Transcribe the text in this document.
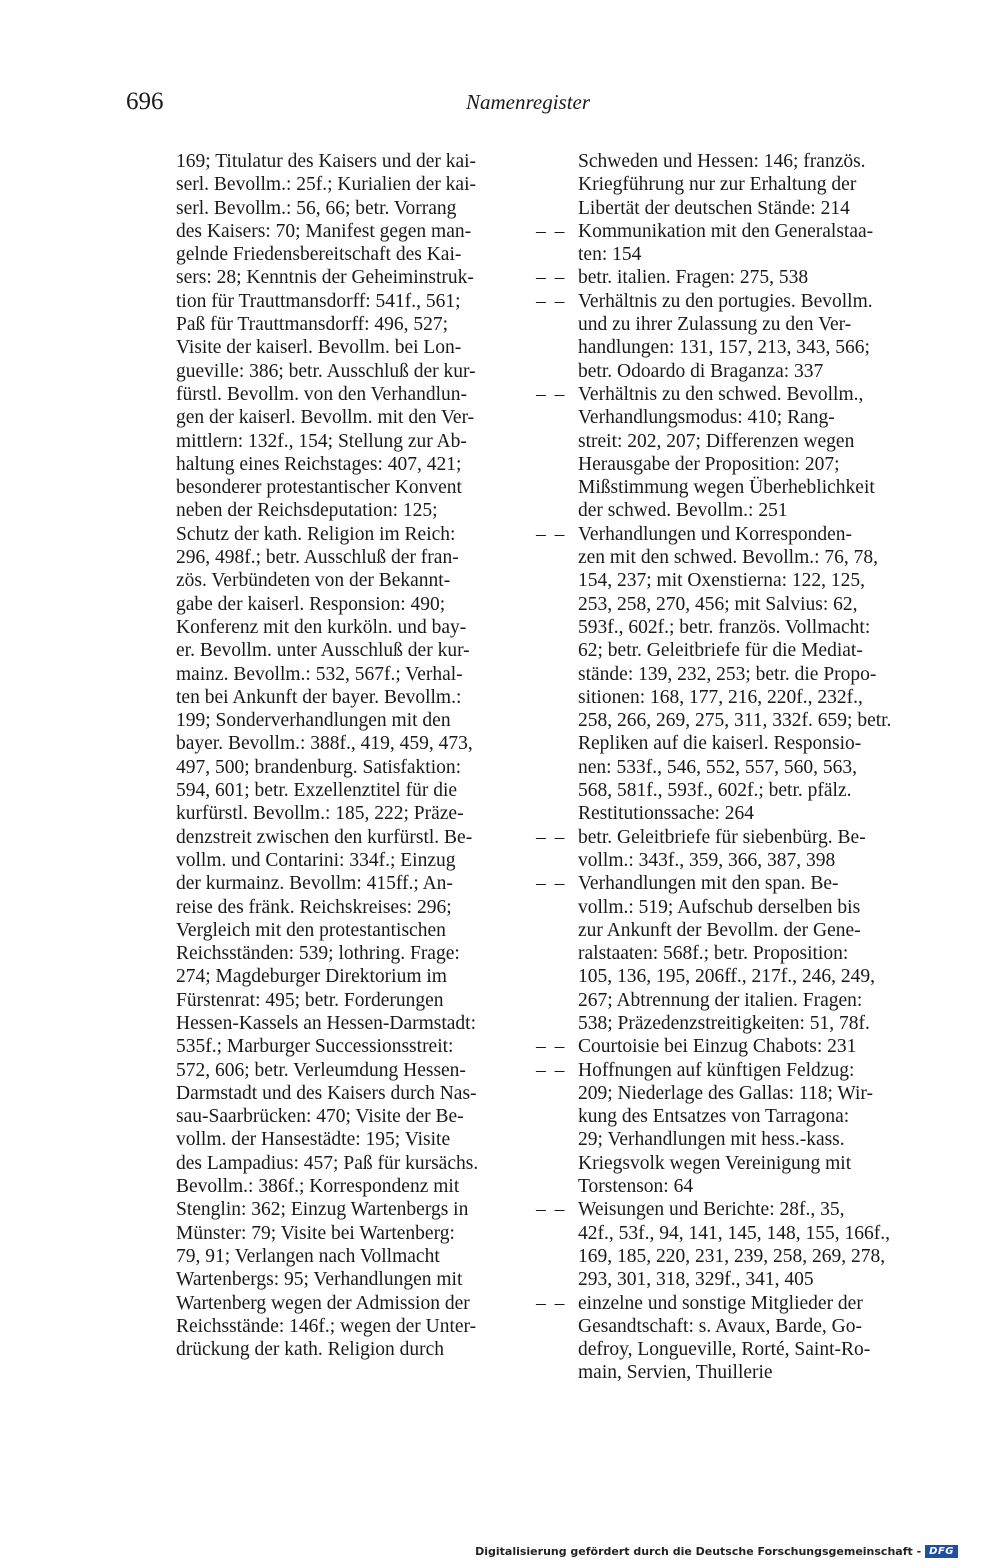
696	Namenregister
169; Titulatur des Kaisers und der kai-
serl. Bevollm.: 25f.; Kurialien der kai-
serl. Bevollm.: 56, 66; betr. Vorrang
des Kaisers: 70; Manifest gegen man-
gelnde Friedensbereitschaft des Kai-
sers: 28; Kenntnis der Geheiminstruk-
tion für Trauttmansdorff: 541f., 561;
Paß für Trauttmansdorff: 496, 527;
Visite der kaiserl. Bevollm. bei Lon-
gueville: 386; betr. Ausschluß der kur-
fürstl. Bevollm. von den Verhandlun-
gen der kaiserl. Bevollm. mit den Ver-
mittlern: 132f., 154; Stellung zur Ab-
haltung eines Reichstages: 407, 421;
besonderer protestantischer Konvent
neben der Reichsdeputation: 125;
Schutz der kath. Religion im Reich:
296, 498f.; betr. Ausschluß der fran-
zös. Verbündeten von der Bekannt-
gabe der kaiserl. Responsion: 490;
Konferenz mit den kurköln. und bay-
er. Bevollm. unter Ausschluß der kur-
mainz. Bevollm.: 532, 567f.; Verhal-
ten bei Ankunft der bayer. Bevollm.:
199; Sonderverhandlungen mit den
bayer. Bevollm.: 388f., 419, 459, 473,
497, 500; brandenburg. Satisfaktion:
594, 601; betr. Exzellenztitel für die
kurfürstl. Bevollm.: 185, 222; Präze-
denzstreit zwischen den kurfürstl. Be-
vollm. und Contarini: 334f.; Einzug
der kurmainz. Bevollm: 415ff.; An-
reise des fränk. Reichskreises: 296;
Vergleich mit den protestantischen
Reichsständen: 539; lothring. Frage:
274; Magdeburger Direktorium im
Fürstenrat: 495; betr. Forderungen
Hessen-Kassels an Hessen-Darmstadt:
535f.; Marburger Successionsstreit:
572, 606; betr. Verleumdung Hessen-
Darmstadt und des Kaisers durch Nas-
sau-Saarbrücken: 470; Visite der Be-
vollm. der Hansestädte: 195; Visite
des Lampadius: 457; Paß für kursächs.
Bevollm.: 386f.; Korrespondenz mit
Stenglin: 362; Einzug Wartenbergs in
Münster: 79; Visite bei Wartenberg:
79, 91; Verlangen nach Vollmacht
Wartenbergs: 95; Verhandlungen mit
Wartenberg wegen der Admission der
Reichsstände: 146f.; wegen der Unter-
drückung der kath. Religion durch
Schweden und Hessen: 146; französ.
Kriegführung nur zur Erhaltung der
Libertät der deutschen Stände: 214
– – Kommunikation mit den Generalstaa-
ten: 154
– – betr. italien. Fragen: 275, 538
– – Verhältnis zu den portugies. Bevollm.
und zu ihrer Zulassung zu den Ver-
handlungen: 131, 157, 213, 343, 566;
betr. Odoardo di Braganza: 337
– – Verhältnis zu den schwed. Bevollm.,
Verhandlungsmodus: 410; Rang-
streit: 202, 207; Differenzen wegen
Herausgabe der Proposition: 207;
Mißstimmung wegen Überheblichkeit
der schwed. Bevollm.: 251
– – Verhandlungen und Korresponden-
zen mit den schwed. Bevollm.: 76, 78,
154, 237; mit Oxenstierna: 122, 125,
253, 258, 270, 456; mit Salvius: 62,
593f., 602f.; betr. französ. Vollmacht:
62; betr. Geleitbriefe für die Mediat-
stände: 139, 232, 253; betr. die Propo-
sitionen: 168, 177, 216, 220f., 232f.,
258, 266, 269, 275, 311, 332f. 659; betr.
Repliken auf die kaiserl. Responsio-
nen: 533f., 546, 552, 557, 560, 563,
568, 581f., 593f., 602f.; betr. pfälz.
Restitutionssache: 264
– – betr. Geleitbriefe für siebenbürg. Be-
vollm.: 343f., 359, 366, 387, 398
– – Verhandlungen mit den span. Be-
vollm.: 519; Aufschub derselben bis
zur Ankunft der Bevollm. der Gene-
ralstaaten: 568f.; betr. Proposition:
105, 136, 195, 206ff., 217f., 246, 249,
267; Abtrennung der italien. Fragen:
538; Präzedenzstreitigkeiten: 51, 78f.
– – Courtoisie bei Einzug Chabots: 231
– – Hoffnungen auf künftigen Feldzug:
209; Niederlage des Gallas: 118; Wir-
kung des Entsatzes von Tarragona:
29; Verhandlungen mit hess.-kass.
Kriegsvolk wegen Vereinigung mit
Torstenson: 64
– – Weisungen und Berichte: 28f., 35,
42f., 53f., 94, 141, 145, 148, 155, 166f.,
169, 185, 220, 231, 239, 258, 269, 278,
293, 301, 318, 329f., 341, 405
– – einzelne und sonstige Mitglieder der
Gesandtschaft: s. Avaux, Barde, Go-
defroy, Longueville, Rorté, Saint-Ro-
main, Servien, Thuillerie
Digitalisierung gefördert durch die Deutsche Forschungsgemeinschaft - DFG
